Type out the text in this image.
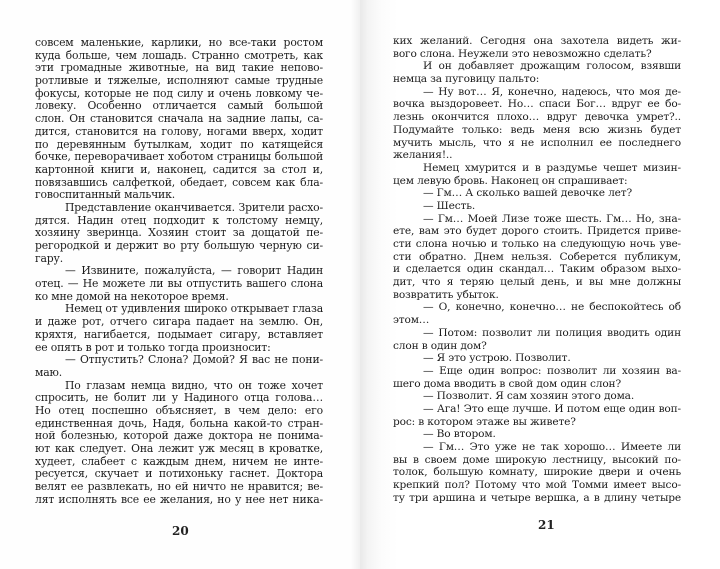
совсем маленькие, карлики, но все-таки ростом
куда больше, чем лошадь. Странно смотреть, как
эти громадные животные, на вид такие непово-
ротливые и тяжелые, исполняют самые трудные
фокусы, которые не под силу и очень ловкому че-
ловеку. Особенно отличается самый большой
слон. Он становится сначала на задние лапы, са-
дится, становится на голову, ногами вверх, ходит
по деревянным бутылкам, ходит по катящейся
бочке, переворачивает хоботом страницы большой
картонной книги и, наконец, садится за стол и,
повязавшись салфеткой, обедает, совсем как бла-
говоспитанный мальчик.
Представление оканчивается. Зрители расхо-
дятся. Надин отец подходит к толстому немцу,
хозяину зверинца. Хозяин стоит за дощатой пе-
регородкой и держит во рту большую черную си-
гару.
— Извините, пожалуйста, — говорит Надин
отец. — Не можете ли вы отпустить вашего слона
ко мне домой на некоторое время.
Немец от удивления широко открывает глаза
и даже рот, отчего сигара падает на землю. Он,
кряхтя, нагибается, подымает сигару, вставляет
ее опять в рот и только тогда произносит:
— Отпустить? Слона? Домой? Я вас не пони-
маю.
По глазам немца видно, что он тоже хочет
спросить, не болит ли у Надиного отца голова…
Но отец поспешно объясняет, в чем дело: его
единственная дочь, Надя, больна какой-то стран-
ной болезнью, которой даже доктора не понима-
ют как следует. Она лежит уж месяц в кроватке,
худеет, слабеет с каждым днем, ничем не инте-
ресуется, скучает и потихоньку гаснет. Доктора
велят ее развлекать, но ей ничто не нравится; ве-
лят исполнять все ее желания, но у нее нет ника-
20
ких желаний. Сегодня она захотела видеть жи-
вого слона. Неужели это невозможно сделать?
И он добавляет дрожащим голосом, взявши
немца за пуговицу пальто:
— Ну вот… Я, конечно, надеюсь, что моя де-
вочка выздоровеет. Но… спаси Бог… вдруг ее бо-
лезнь окончится плохо… вдруг девочка умрет?..
Подумайте только: ведь меня всю жизнь будет
мучить мысль, что я не исполнил ее последнего
желания!..
Немец хмурится и в раздумье чешет мизин-
цем левую бровь. Наконец он спрашивает:
— Гм… А сколько вашей девочке лет?
— Шесть.
— Гм… Моей Лизе тоже шесть. Гм… Но, зна-
ете, вам это будет дорого стоить. Придется приве-
сти слона ночью и только на следующую ночь уве-
сти обратно. Днем нельзя. Соберется публикум,
и сделается один скандал… Таким образом выхо-
дит, что я теряю целый день, и вы мне должны
возвратить убыток.
— О, конечно, конечно… не беспокойтесь об
этом…
— Потом: позволит ли полиция вводить один
слон в один дом?
— Я это устрою. Позволит.
— Еще один вопрос: позволит ли хозяин ва-
шего дома вводить в свой дом один слон?
— Позволит. Я сам хозяин этого дома.
— Ага! Это еще лучше. И потом еще один воп-
рос: в котором этаже вы живете?
— Во втором.
— Гм… Это уже не так хорошо… Имеете ли
вы в своем доме широкую лестницу, высокий по-
толок, большую комнату, широкие двери и очень
крепкий пол? Потому что мой Томми имеет высо-
ту три аршина и четыре вершка, а в длину четыре
21
